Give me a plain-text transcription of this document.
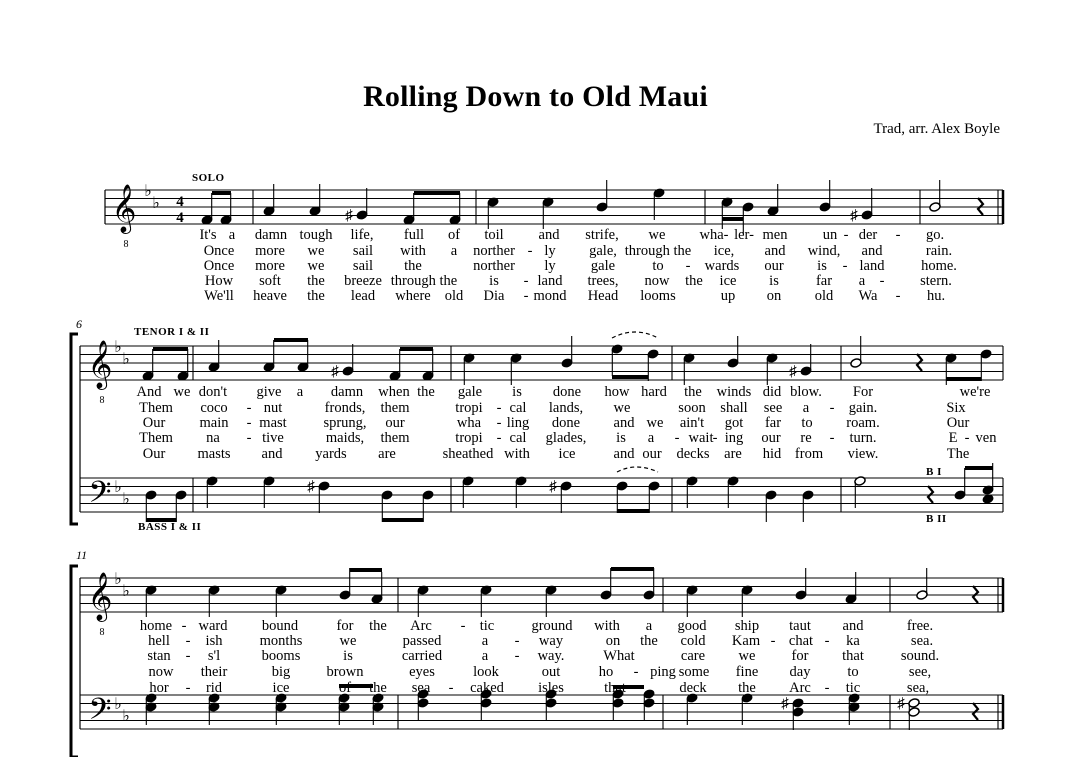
Rolling Down to Old Maui
Trad, arr. Alex Boyle
SOLO
TENOR I & II
BASS I & II
B I
B II
6
11
𝄞
8
♭
♭ 4
4	♯	♯
𝄞
8
♭
♭
𝄢 ♭
♭
♯	♯
♯	♯
𝄞
8
♭
♭
𝄢 ♭
♭
♯	♯
It's a damn tough life, full of toil and strife, we wha- ler- men un - der - go.
Once more we sail with a norther - ly gale, through the ice, and wind, and	rain.
Once more we sail the	norther ly gale	to - wards our is - land	home.
How soft the breeze through the is - land trees, now the ice is	far a - stern.
We'll heave the lead where old Dia - mond Head looms	up on old Wa - hu.
And we don't give a damn when the gale is done how hard the winds did blow. For	we're
Them coco - nut	fronds, them	tropi - cal lands, we	soon shall see a - gain.	Six
Our main - mast	sprung, our	wha - ling done and we ain't got far to roam.	Our
Them na - tive	maids, them	tropi - cal glades, is a - wait - ing our re - turn.	E - ven
Our masts and yards are	sheathed with ice	and our decks are hid from view.	The
home - ward bound	for the Arc - tic	ground with a good ship taut and	free.
hell - ish	months	we	passed	a - way	on the cold Kam - chat - ka	sea.
stan - s'l	booms	is	carried	a - way.	What	care we for that	sound.
now their	big brown	eyes	look	out	ho - ping some fine day	to	see,
hor - rid	ice	of the sea - caked isles	that	deck the Arc - tic	sea,
